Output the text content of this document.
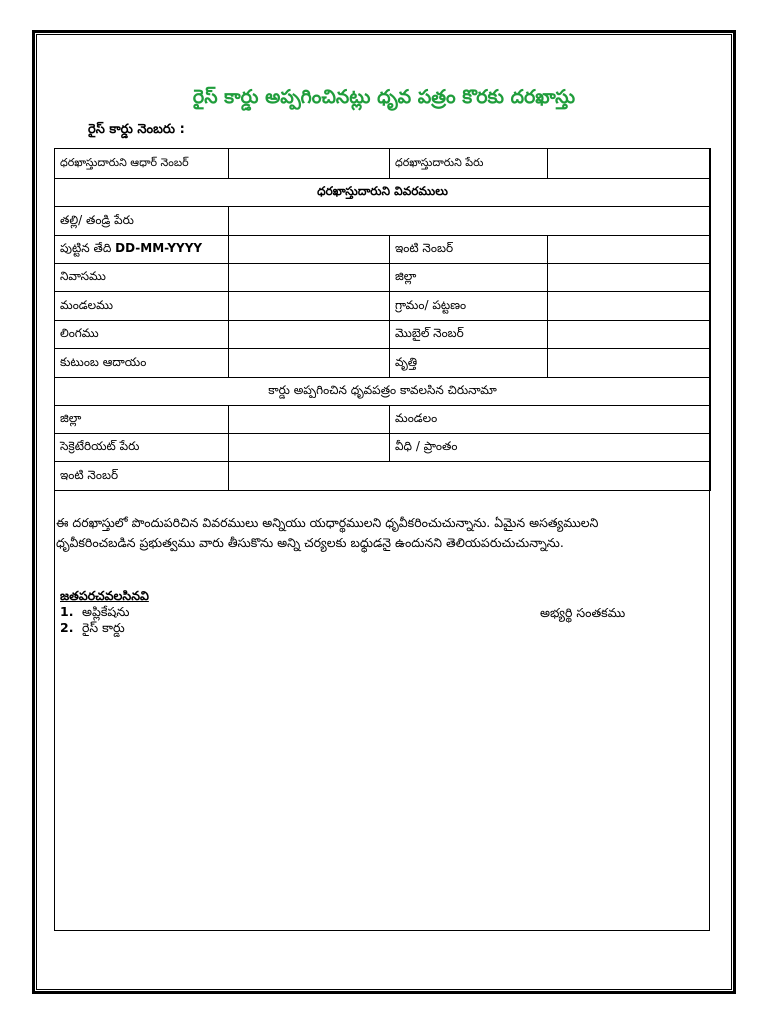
రైస్ కార్డు అప్పగించినట్లు ధృవ పత్రం కొరకు దరఖాస్తు
రైస్ కార్డు నెంబరు :
ధరఖాస్తుదారుని ఆధార్ నెంబర్		ధరఖాస్తుదారుని పేరు	
ధరఖాస్తుదారుని వివరములు			
తల్లి/ తండ్రి పేరు			
పుట్టిన తేది DD-MM-YYYY		ఇంటి నెంబర్	
నివాసము		జిల్లా	
మండలము		గ్రామం/ పట్టణం	
లింగము		మొబైల్ నెంబర్	
కుటుంబ ఆదాయం		వృత్తి	
కార్డు అప్పగించిన ధృవపత్రం కావలసిన చిరునామా			
జిల్లా		మండలం	
సెక్రెటేరియట్ పేరు		వీధి / ప్రాంతం	
ఇంటి నెంబర్			
ఈ దరఖాస్తులో పొందుపరిచిన వివరములు అన్నియు యధార్థములని ధృవీకరించుచున్నాను. ఏమైన అసత్యములని
ధృవీకరించబడిన ప్రభుత్వము వారు తీసుకొను అన్ని చర్యలకు బధ్ధుడనై ఉందునని తెలియపరుచుచున్నాను.
జతపరచవలసినవి
1. అప్లికేషను
2. రైస్ కార్డు
అభ్యర్థి సంతకము
